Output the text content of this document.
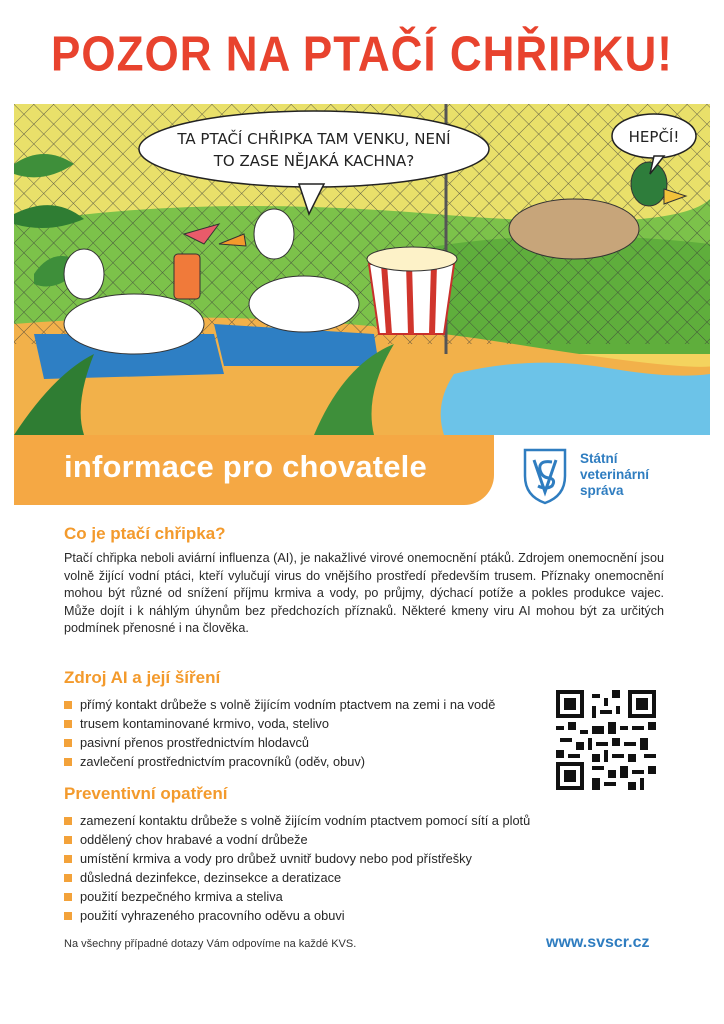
POZOR NA PTAČÍ CHŘIPKU!
TA PTAČÍ CHŘIPKA TAM VENKU, NENÍ
TO ZASE NĚJAKÁ KACHNA?
HEPČÍ!
informace pro chovatele	Státní
veterinární
správa
Co je ptačí chřipka?

Ptačí chřipka neboli aviární influenza (AI), je nakažlivé virové onemocnění ptáků. Zdrojem onemocnění jsou volně žijící vodní ptáci, kteří vylučují virus do vnějšího prostředí především trusem. Příznaky onemocnění mohou být různé od snížení příjmu krmiva a vody, po průjmy, dýchací potíže a pokles produkce vajec. Může dojít i k náhlým úhynům bez předchozích příznaků. Některé kmeny viru AI mohou být za určitých podmínek přenosné i na člověka.

Zdroj AI a její šíření
přímý kontakt drůbeže s volně žijícím vodním ptactvem na zemi i na vodě
trusem kontaminované krmivo, voda, stelivo
pasivní přenos prostřednictvím hlodavců
zavlečení prostřednictvím pracovníků (oděv, obuv)
Preventivní opatření
zamezení kontaktu drůbeže s volně žijícím vodním ptactvem pomocí sítí a plotů
oddělený chov hrabavé a vodní drůbeže
umístění krmiva a vody pro drůbež uvnitř budovy nebo pod přístřešky
důsledná dezinfekce, dezinsekce a deratizace
použití bezpečného krmiva a steliva
použití vyhrazeného pracovního oděvu a obuvi
Na všechny případné dotazy Vám odpovíme na každé KVS.	www.svscr.cz
